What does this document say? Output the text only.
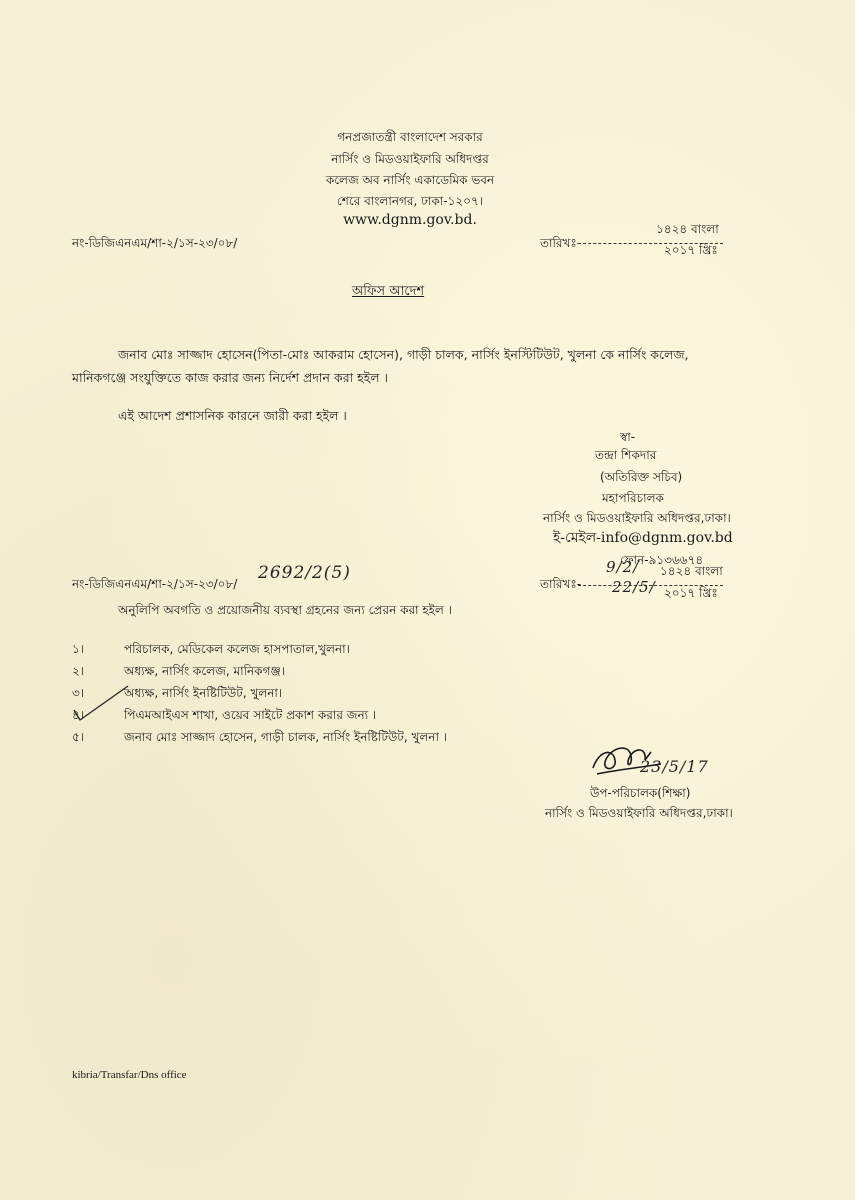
গনপ্রজাতন্ত্রী বাংলাদেশ সরকার
নার্সিং ও মিডওয়াইফারি অধিদপ্তর
কলেজ অব নার্সিং একাডেমিক ভবন
শেরে বাংলানগর, ঢাকা-১২০৭।
www.dgnm.gov.bd.
নং-ডিজিএনএম/শা-২/১স-২৩/০৮/	তারিখঃ-
১৪২৪ বাংলা
২০১৭ খ্রিঃ
অফিস আদেশ
জনাব মোঃ সাজ্জাদ হোসেন(পিতা-মোঃ আকরাম হোসেন), গাড়ী চালক, নার্সিং ইনস্টিটিউট, খুলনা কে নার্সিং কলেজ,
মানিকগঞ্জে সংযুক্তিতে কাজ করার জন্য নির্দেশ প্রদান করা হইল ।
এই আদেশ প্রশাসনিক কারনে জারী করা হইল ।
স্বা-
তন্দ্রা শিকদার
(অতিরিক্ত সচিব)
মহাপরিচালক
নার্সিং ও মিডওয়াইফারি অধিদপ্তর,ঢাকা।
ই-মেইল-info@dgnm.gov.bd
ফোন-৯১৩৬৬৭৪
নং-ডিজিএনএম/শা-২/১স-২৩/০৮/
2692/2(5)
তারিখঃ-
9/2/ ১৪২৪ বাংলা
22/5/ ২০১৭ খ্রিঃ
অনুলিপি অবগতি ও প্রয়োজনীয় ব্যবস্থা গ্রহনের জন্য প্রেরন করা হইল ।
১।	পরিচালক, মেডিকেল কলেজ হাসপাতাল,খুলনা।
২।	অধ্যক্ষ, নার্সিং কলেজ, মানিকগঞ্জ।
৩।	অধ্যক্ষ, নার্সিং ইনষ্টিটিউট, খুলনা।
৪।	পিএমআইএস শাখা, ওয়েব সাইটে প্রকাশ করার জন্য ।
৫।	জনাব মোঃ সাজ্জাদ হোসেন, গাড়ী চালক, নার্সিং ইনষ্টিটিউট, খুলনা ।
23/5/17
উপ-পরিচালক(শিক্ষা)
নার্সিং ও মিডওয়াইফারি অধিদপ্তর,ঢাকা।
kibria/Transfar/Dns office
